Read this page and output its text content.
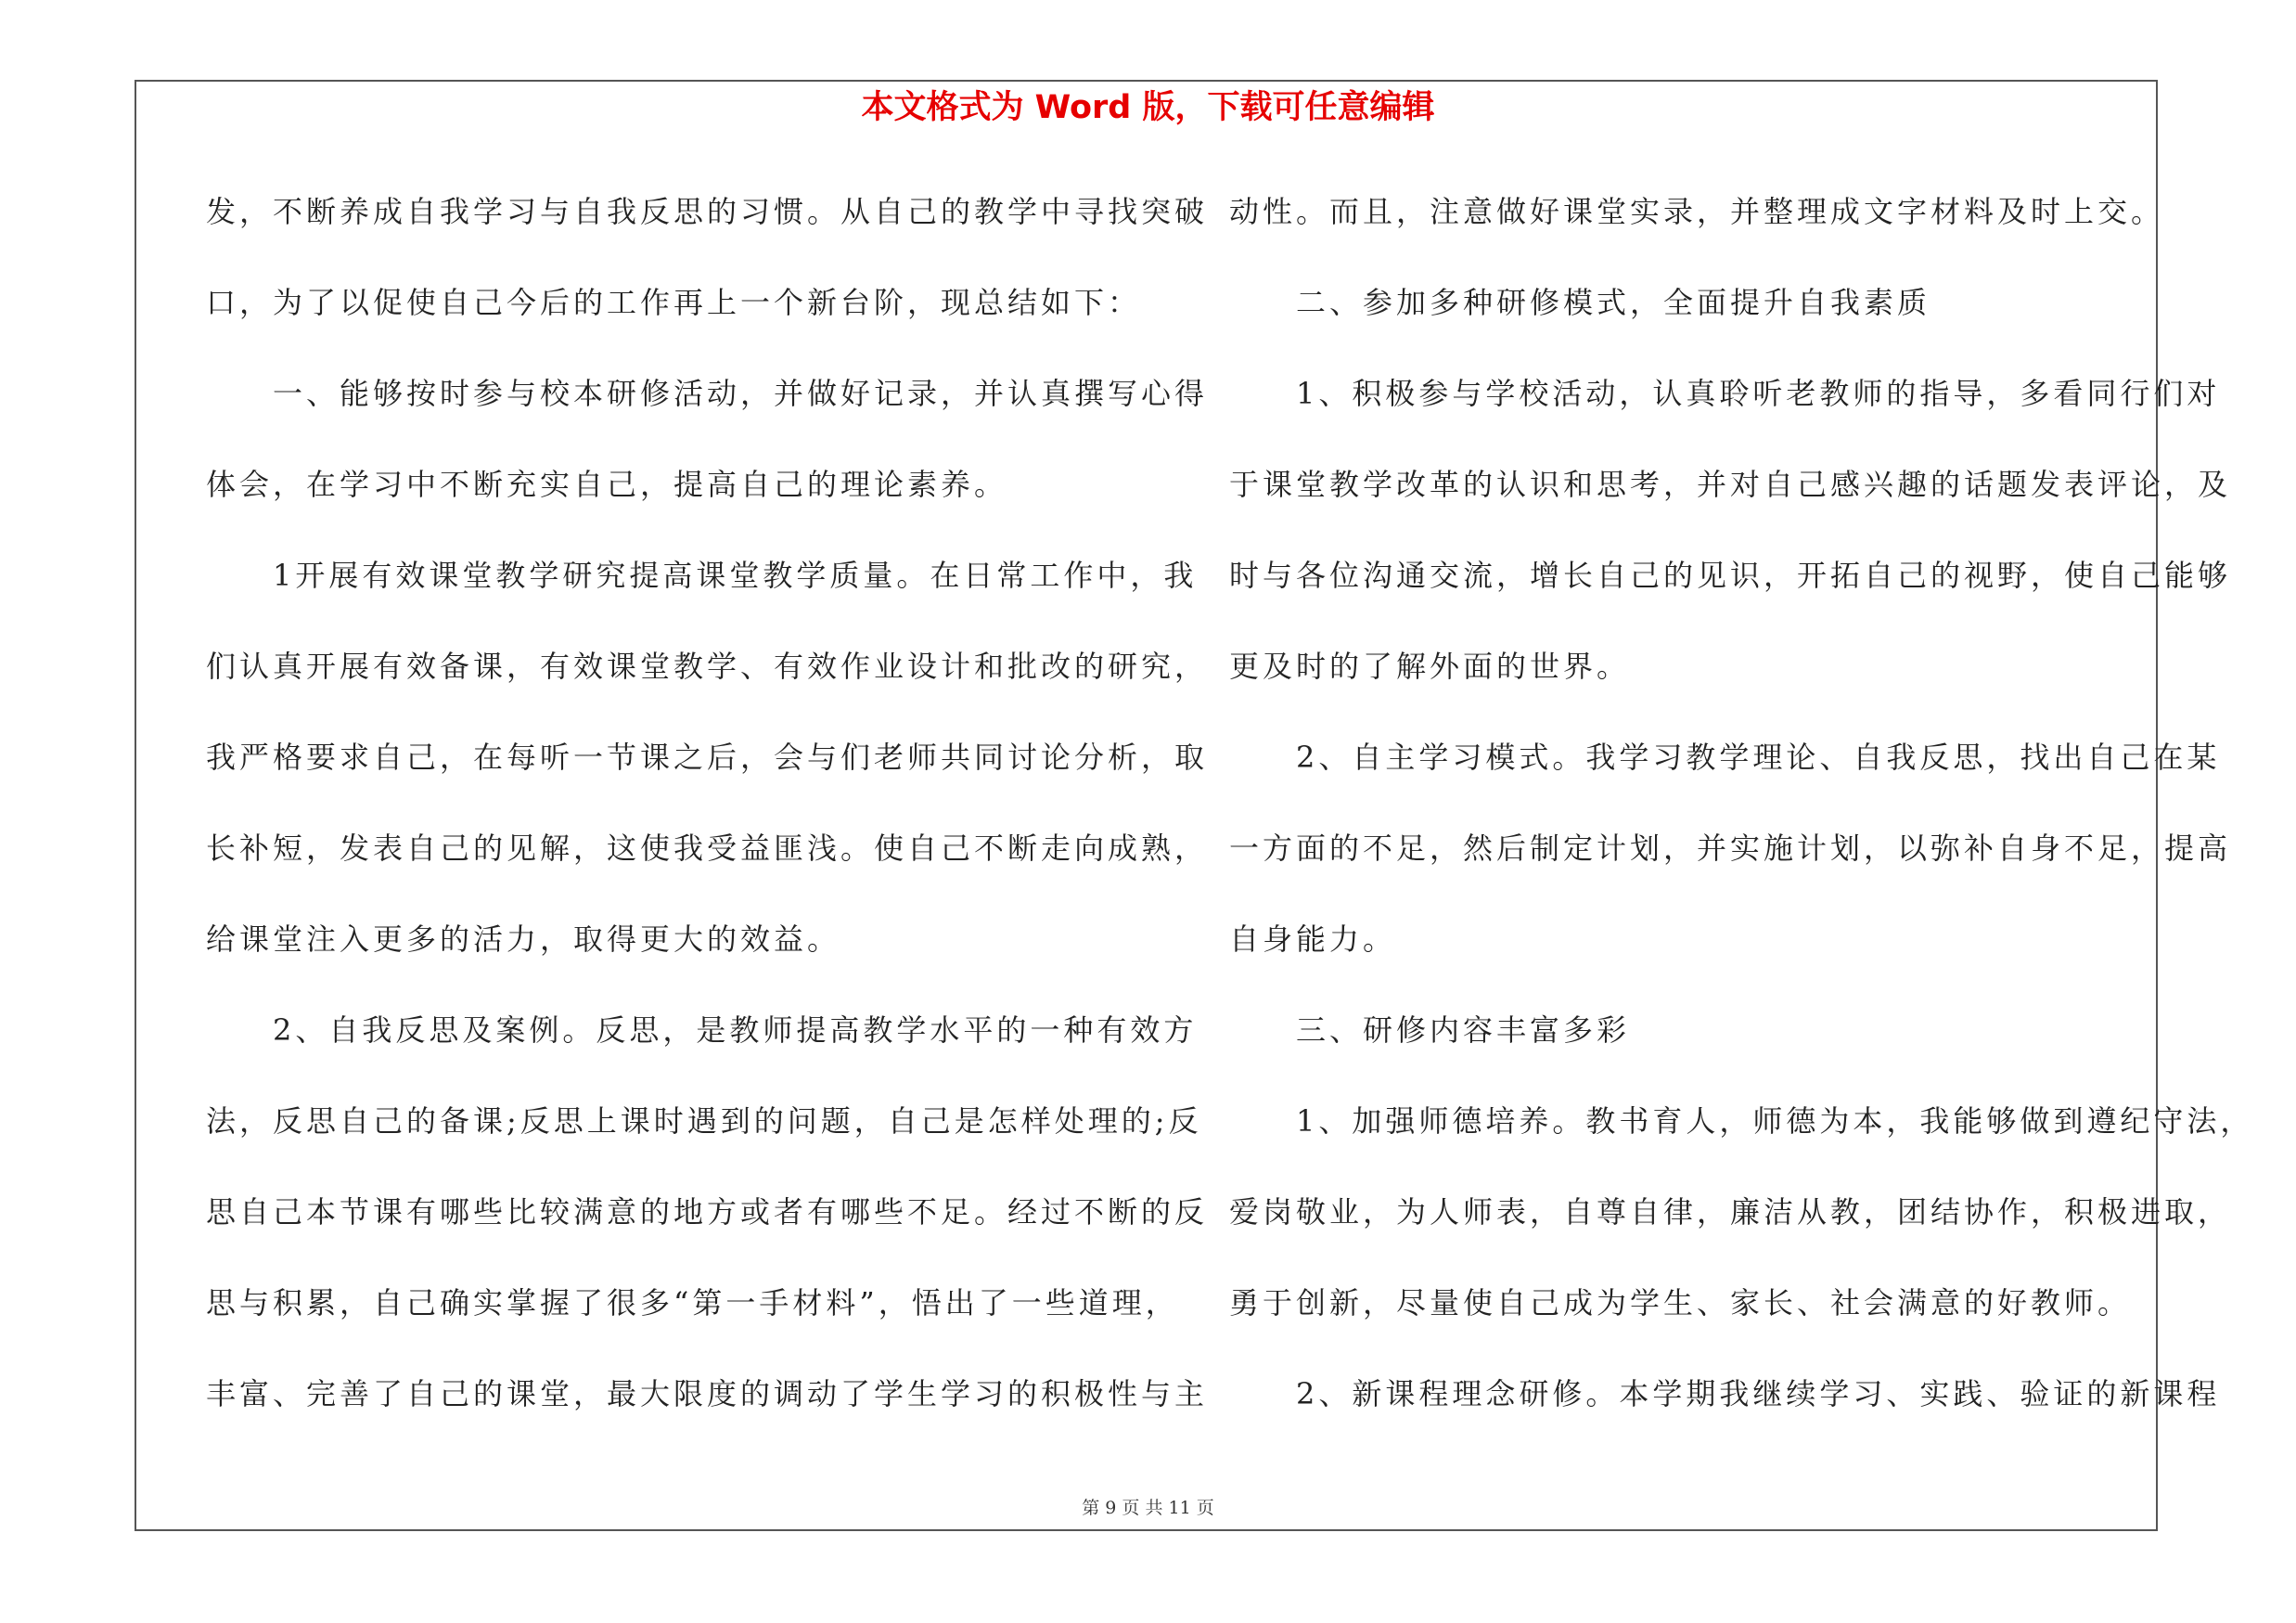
本文格式为 Word 版，下载可任意编辑
发，不断养成自我学习与自我反思的习惯。从自己的教学中寻找突破
口，为了以促使自己今后的工作再上一个新台阶，现总结如下：
　　一、能够按时参与校本研修活动，并做好记录，并认真撰写心得
体会，在学习中不断充实自己，提高自己的理论素养。
　　1开展有效课堂教学研究提高课堂教学质量。在日常工作中，我
们认真开展有效备课，有效课堂教学、有效作业设计和批改的研究，
我严格要求自己，在每听一节课之后，会与们老师共同讨论分析，取
长补短，发表自己的见解，这使我受益匪浅。使自己不断走向成熟，
给课堂注入更多的活力，取得更大的效益。
　　2、自我反思及案例。反思，是教师提高教学水平的一种有效方
法，反思自己的备课;反思上课时遇到的问题，自己是怎样处理的;反
思自己本节课有哪些比较满意的地方或者有哪些不足。经过不断的反
思与积累，自己确实掌握了很多“第一手材料”，悟出了一些道理，
丰富、完善了自己的课堂，最大限度的调动了学生学习的积极性与主
动性。而且，注意做好课堂实录，并整理成文字材料及时上交。
　　二、参加多种研修模式，全面提升自我素质
　　1、积极参与学校活动，认真聆听老教师的指导，多看同行们对
于课堂教学改革的认识和思考，并对自己感兴趣的话题发表评论，及
时与各位沟通交流，增长自己的见识，开拓自己的视野，使自己能够
更及时的了解外面的世界。
　　2、自主学习模式。我学习教学理论、自我反思，找出自己在某
一方面的不足，然后制定计划，并实施计划，以弥补自身不足，提高
自身能力。
　　三、研修内容丰富多彩
　　1、加强师德培养。教书育人，师德为本，我能够做到遵纪守法，
爱岗敬业，为人师表，自尊自律，廉洁从教，团结协作，积极进取，
勇于创新，尽量使自己成为学生、家长、社会满意的好教师。
　　2、新课程理念研修。本学期我继续学习、实践、验证的新课程
第 9 页 共 11 页
